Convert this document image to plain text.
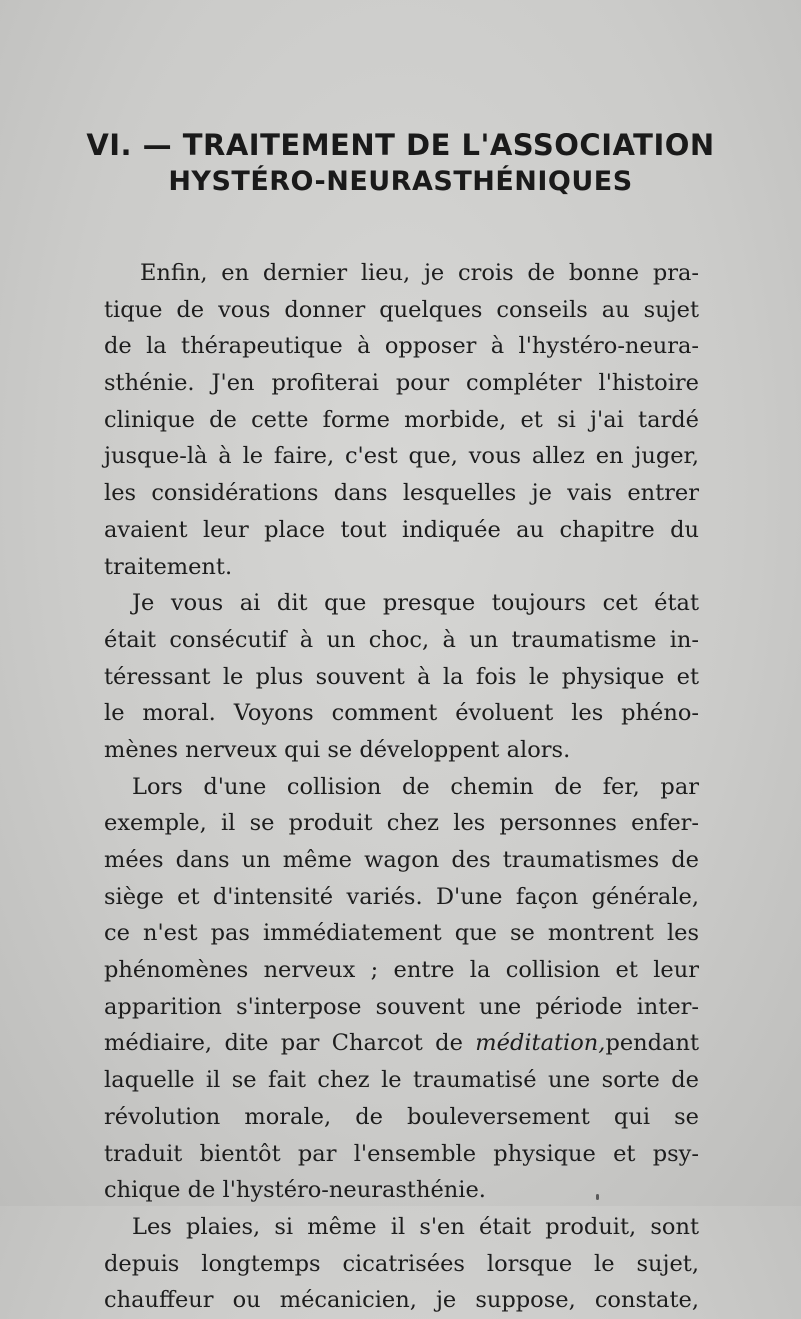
VI. — TRAITEMENT DE L'ASSOCIATION
HYSTÉRO-NEURASTHÉNIQUES
Enfin, en dernier lieu, je crois de bonne pra-
tique de vous donner quelques conseils au sujet
de la thérapeutique à opposer à l'hystéro-neura-
sthénie. J'en profiterai pour compléter l'histoire
clinique de cette forme morbide, et si j'ai tardé
jusque-là à le faire, c'est que, vous allez en juger,
les considérations dans lesquelles je vais entrer
avaient leur place tout indiquée au chapitre du
traitement.
Je vous ai dit que presque toujours cet état
était consécutif à un choc, à un traumatisme in-
téressant le plus souvent à la fois le physique et
le moral. Voyons comment évoluent les phéno-
mènes nerveux qui se développent alors.
Lors d'une collision de chemin de fer, par
exemple, il se produit chez les personnes enfer-
mées dans un même wagon des traumatismes de
siège et d'intensité variés. D'une façon générale,
ce n'est pas immédiatement que se montrent les
phénomènes nerveux ; entre la collision et leur
apparition s'interpose souvent une période inter-
médiaire, dite par Charcot de méditation,pendant
laquelle il se fait chez le traumatisé une sorte de
révolution morale, de bouleversement qui se
traduit bientôt par l'ensemble physique et psy-
chique de l'hystéro-neurasthénie.
Les plaies, si même il s'en était produit, sont
depuis longtemps cicatrisées lorsque le sujet,
chauffeur ou mécanicien, je suppose, constate,
